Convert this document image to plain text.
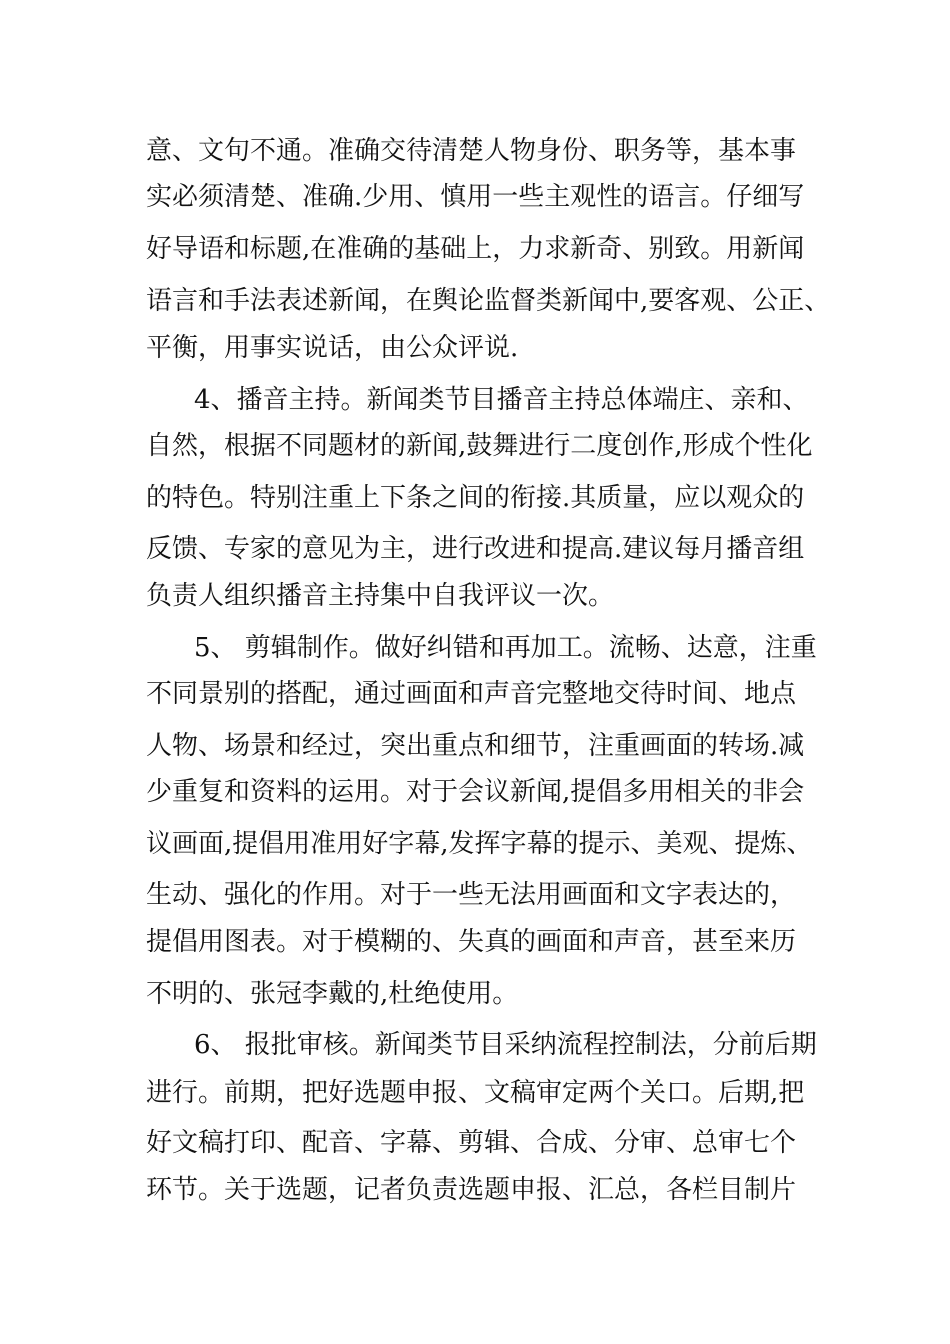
意、文句不通。准确交待清楚人物身份、职务等，基本事
实必须清楚、准确.少用、慎用一些主观性的语言。仔细写
好导语和标题,在准确的基础上，力求新奇、别致。用新闻
语言和手法表述新闻，在舆论监督类新闻中,要客观、公正、
平衡，用事实说话，由公众评说.
4、播音主持。新闻类节目播音主持总体端庄、亲和、
自然，根据不同题材的新闻,鼓舞进行二度创作,形成个性化
的特色。特别注重上下条之间的衔接.其质量，应以观众的
反馈、专家的意见为主，进行改进和提高.建议每月播音组
负责人组织播音主持集中自我评议一次。
5、 剪辑制作。做好纠错和再加工。流畅、达意，注重
不同景别的搭配，通过画面和声音完整地交待时间、地点
人物、场景和经过，突出重点和细节，注重画面的转场.减
少重复和资料的运用。对于会议新闻,提倡多用相关的非会
议画面,提倡用准用好字幕,发挥字幕的提示、美观、提炼、
生动、强化的作用。对于一些无法用画面和文字表达的，
提倡用图表。对于模糊的、失真的画面和声音，甚至来历
不明的、张冠李戴的,杜绝使用。
6、 报批审核。新闻类节目采纳流程控制法，分前后期
进行。前期，把好选题申报、文稿审定两个关口。后期,把
好文稿打印、配音、字幕、剪辑、合成、分审、总审七个
环节。关于选题，记者负责选题申报、汇总，各栏目制片
